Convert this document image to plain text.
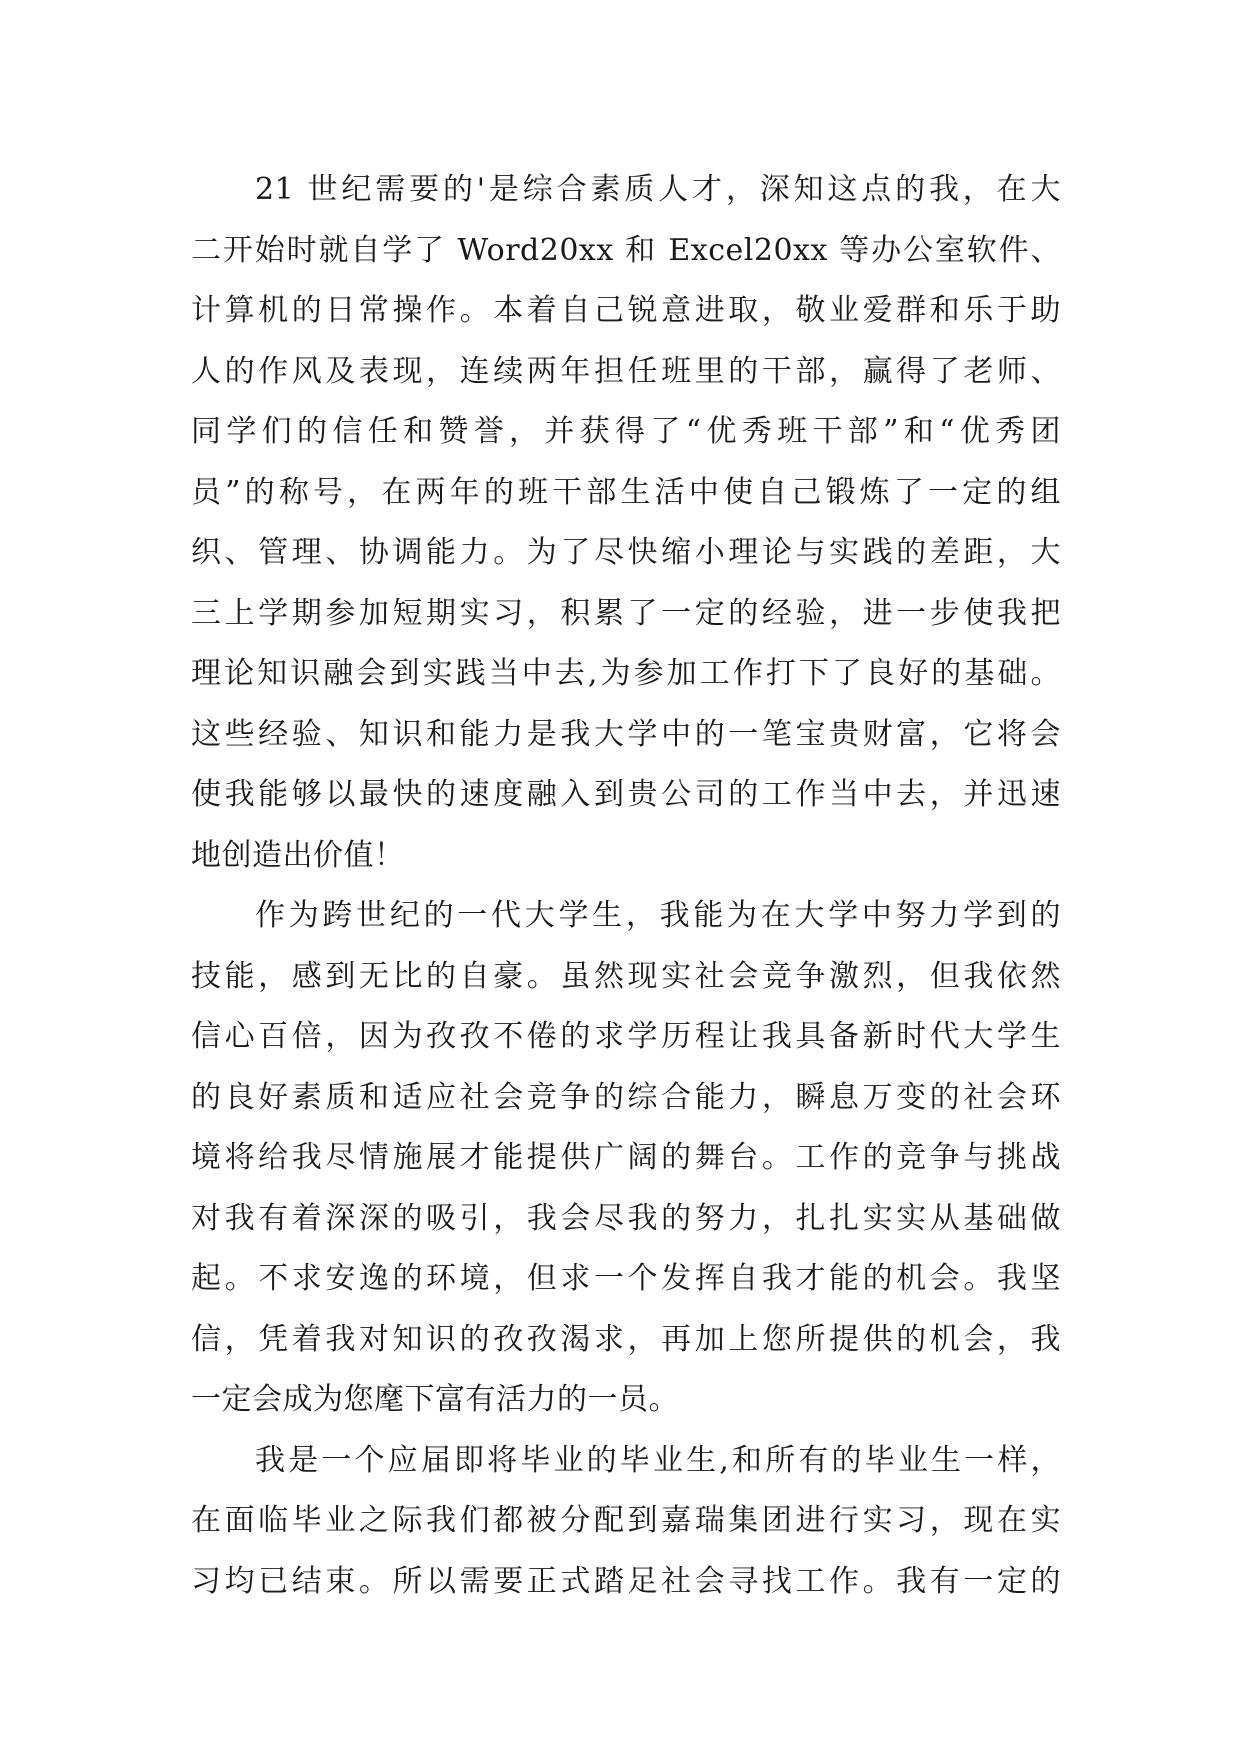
21 世纪需要的'是综合素质人才，深知这点的我，在大
二开始时就自学了 Word20xx 和 Excel20xx 等办公室软件、
计算机的日常操作。本着自己锐意进取，敬业爱群和乐于助
人的作风及表现，连续两年担任班里的干部，赢得了老师、
同学们的信任和赞誉，并获得了“优秀班干部”和“优秀团
员”的称号，在两年的班干部生活中使自己锻炼了一定的组
织、管理、协调能力。为了尽快缩小理论与实践的差距，大
三上学期参加短期实习，积累了一定的经验，进一步使我把
理论知识融会到实践当中去,为参加工作打下了良好的基础。
这些经验、知识和能力是我大学中的一笔宝贵财富，它将会
使我能够以最快的速度融入到贵公司的工作当中去，并迅速
地创造出价值！
作为跨世纪的一代大学生，我能为在大学中努力学到的
技能，感到无比的自豪。虽然现实社会竞争激烈，但我依然
信心百倍，因为孜孜不倦的求学历程让我具备新时代大学生
的良好素质和适应社会竞争的综合能力，瞬息万变的社会环
境将给我尽情施展才能提供广阔的舞台。工作的竞争与挑战
对我有着深深的吸引，我会尽我的努力，扎扎实实从基础做
起。不求安逸的环境，但求一个发挥自我才能的机会。我坚
信，凭着我对知识的孜孜渴求，再加上您所提供的机会，我
一定会成为您麾下富有活力的一员。
我是一个应届即将毕业的毕业生,和所有的毕业生一样，
在面临毕业之际我们都被分配到嘉瑞集团进行实习，现在实
习均已结束。所以需要正式踏足社会寻找工作。我有一定的
